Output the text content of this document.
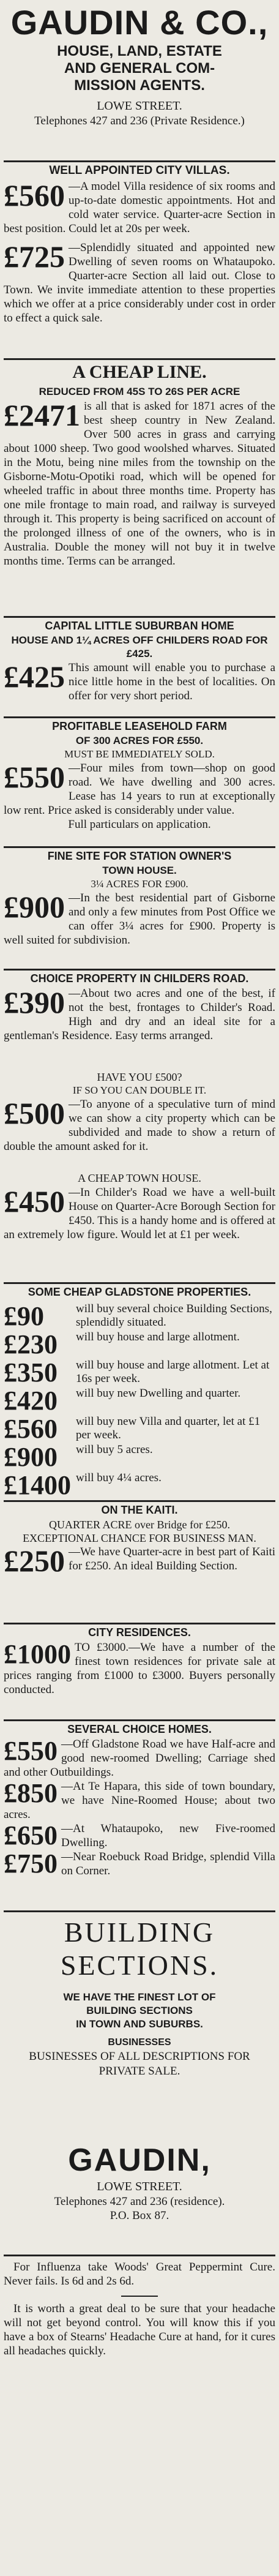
GAUDIN & CO.,
HOUSE, LAND, ESTATE
AND GENERAL COM-
MISSION AGENTS.
LOWE STREET.
Telephones 427 and 236 (Private Residence.)
WELL APPOINTED CITY VILLAS.

£560 —A model Villa residence of six rooms and up-to-date domestic appointments. Hot and cold water service. Quarter-acre Section in best position. Could let at 20s per week.

£725 —Splendidly situated and appointed new Dwelling of seven rooms on Whataupoko. Quarter-acre Section all laid out. Close to Town. We invite immediate attention to these properties which we offer at a price considerably under cost in order to effect a quick sale.

A CHEAP LINE.
REDUCED FROM 45S TO 26S PER ACRE

£2471 is all that is asked for 1871 acres of the best sheep country in New Zealand. Over 500 acres in grass and carrying about 1000 sheep. Two good woolshed wharves. Situated in the Motu, being nine miles from the township on the Gisborne-Motu-Opotiki road, which will be opened for wheeled traffic in about three months time. Property has one mile frontage to main road, and railway is surveyed through it. This property is being sacrificed on account of the prolonged illness of one of the owners, who is in Australia. Double the money will not buy it in twelve months time. Terms can be arranged.

CAPITAL LITTLE SUBURBAN HOME
HOUSE AND 1¼ ACRES OFF CHILDERS ROAD FOR £425.

£425 This amount will enable you to purchase a nice little home in the best of localities. On offer for very short period.

PROFITABLE LEASEHOLD FARM
OF 300 ACRES FOR £550.
MUST BE IMMEDIATELY SOLD.

£550 —Four miles from town—shop on good road. We have dwelling and 300 acres. Lease has 14 years to run at exceptionally low rent. Price asked is considerably under value.

Full particulars on application.
FINE SITE FOR STATION OWNER'S
TOWN HOUSE.
3¼ ACRES FOR £900.

£900 —In the best residential part of Gisborne and only a few minutes from Post Office we can offer 3¼ acres for £900. Property is well suited for subdivision.

CHOICE PROPERTY IN CHILDERS ROAD.

£390 —About two acres and one of the best, if not the best, frontages to Childer's Road. High and dry and an ideal site for a gentleman's Residence. Easy terms arranged.

HAVE YOU £500?
IF SO YOU CAN DOUBLE IT.

£500 —To anyone of a speculative turn of mind we can show a city property which can be subdivided and made to show a return of double the amount asked for it.

A CHEAP TOWN HOUSE.

£450 —In Childer's Road we have a well-built House on Quarter-Acre Borough Section for £450. This is a handy home and is offered at an extremely low figure. Would let at £1 per week.

SOME CHEAP GLADSTONE PROPERTIES.
£90	will buy several choice Building Sections, splendidly situated.
£230	will buy house and large allotment.
£350	will buy house and large allotment. Let at 16s per week.
£420	will buy new Dwelling and quarter.
£560	will buy new Villa and quarter, let at £1 per week.
£900	will buy 5 acres.
£1400 will buy 4¼ acres.
ON THE KAITI.
QUARTER ACRE over Bridge for £250.
EXCEPTIONAL CHANCE FOR BUSINESS MAN.

£250 —We have Quarter-acre in best part of Kaiti for £250. An ideal Building Section.

CITY RESIDENCES.

£1000 TO £3000.—We have a number of the finest town residences for private sale at prices ranging from £1000 to £3000. Buyers personally conducted.

SEVERAL CHOICE HOMES.

£550 —Off Gladstone Road we have Half-acre and good new-roomed Dwelling; Carriage shed and other Outbuildings.

£850 —At Te Hapara, this side of town boundary, we have Nine-Roomed House; about two acres.

£650 —At Whataupoko, new Five-roomed Dwelling.

£750 —Near Roebuck Road Bridge, splendid Villa on Corner.

BUILDING
SECTIONS.
WE HAVE THE FINEST LOT OF
BUILDING SECTIONS
IN TOWN AND SUBURBS.
BUSINESSES
BUSINESSES OF ALL DESCRIPTIONS FOR PRIVATE SALE.
GAUDIN,
LOWE STREET.
Telephones 427 and 236 (residence).
P.O. Box 87.

For Influenza take Woods' Great Peppermint Cure. Never fails. Is 6d and 2s 6d.

It is worth a great deal to be sure that your headache will not get beyond control. You will know this if you have a box of Stearns' Headache Cure at hand, for it cures all headaches quickly.
